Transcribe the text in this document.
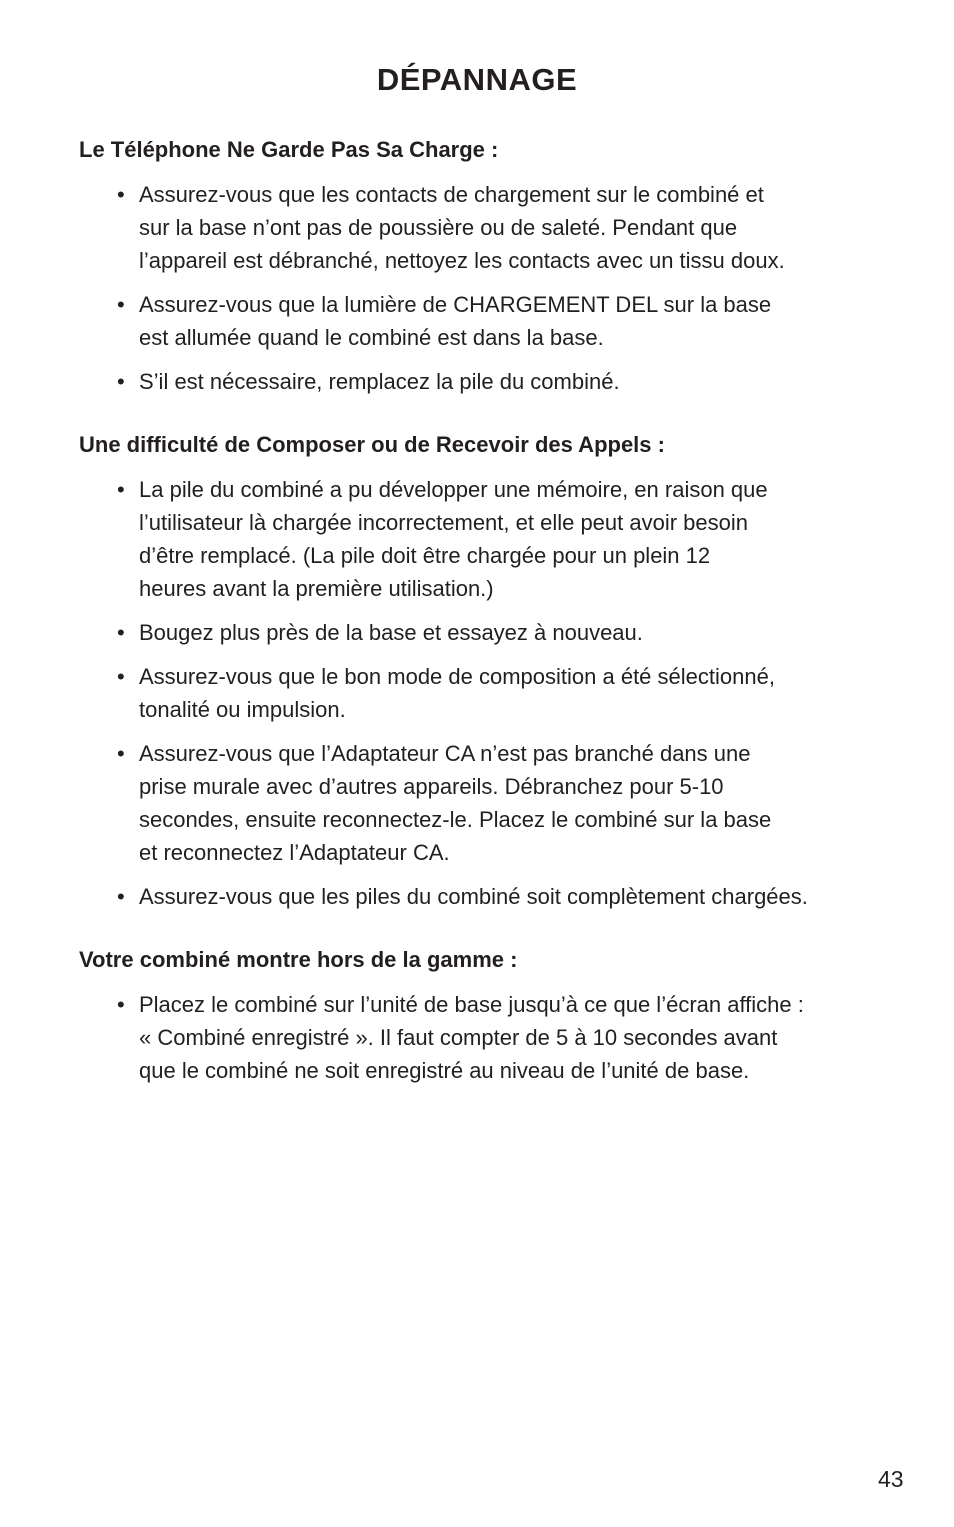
DÉPANNAGE
Le Téléphone Ne Garde Pas Sa Charge :
• Assurez-vous que les contacts de chargement sur le combiné et
sur la base n’ont pas de poussière ou de saleté. Pendant que
l’appareil est débranché, nettoyez les contacts avec un tissu doux.
• Assurez-vous que la lumière de CHARGEMENT DEL sur la base
est allumée quand le combiné est dans la base.
• S’il est nécessaire, remplacez la pile du combiné.
Une difficulté de Composer ou de Recevoir des Appels :
• La pile du combiné a pu développer une mémoire, en raison que
l’utilisateur là chargée incorrectement, et elle peut avoir besoin
d’être remplacé. (La pile doit être chargée pour un plein 12
heures avant la première utilisation.)
• Bougez plus près de la base et essayez à nouveau.
• Assurez-vous que le bon mode de composition a été sélectionné,
tonalité ou impulsion.
• Assurez-vous que l’Adaptateur CA n’est pas branché dans une
prise murale avec d’autres appareils. Débranchez pour 5-10
secondes, ensuite reconnectez-le. Placez le combiné sur la base
et reconnectez l’Adaptateur CA.
• Assurez-vous que les piles du combiné soit complètement chargées.
Votre combiné montre hors de la gamme :
• Placez le combiné sur l’unité de base jusqu’à ce que l’écran affiche :
« Combiné enregistré ». Il faut compter de 5 à 10 secondes avant
que le combiné ne soit enregistré au niveau de l’unité de base.
43
